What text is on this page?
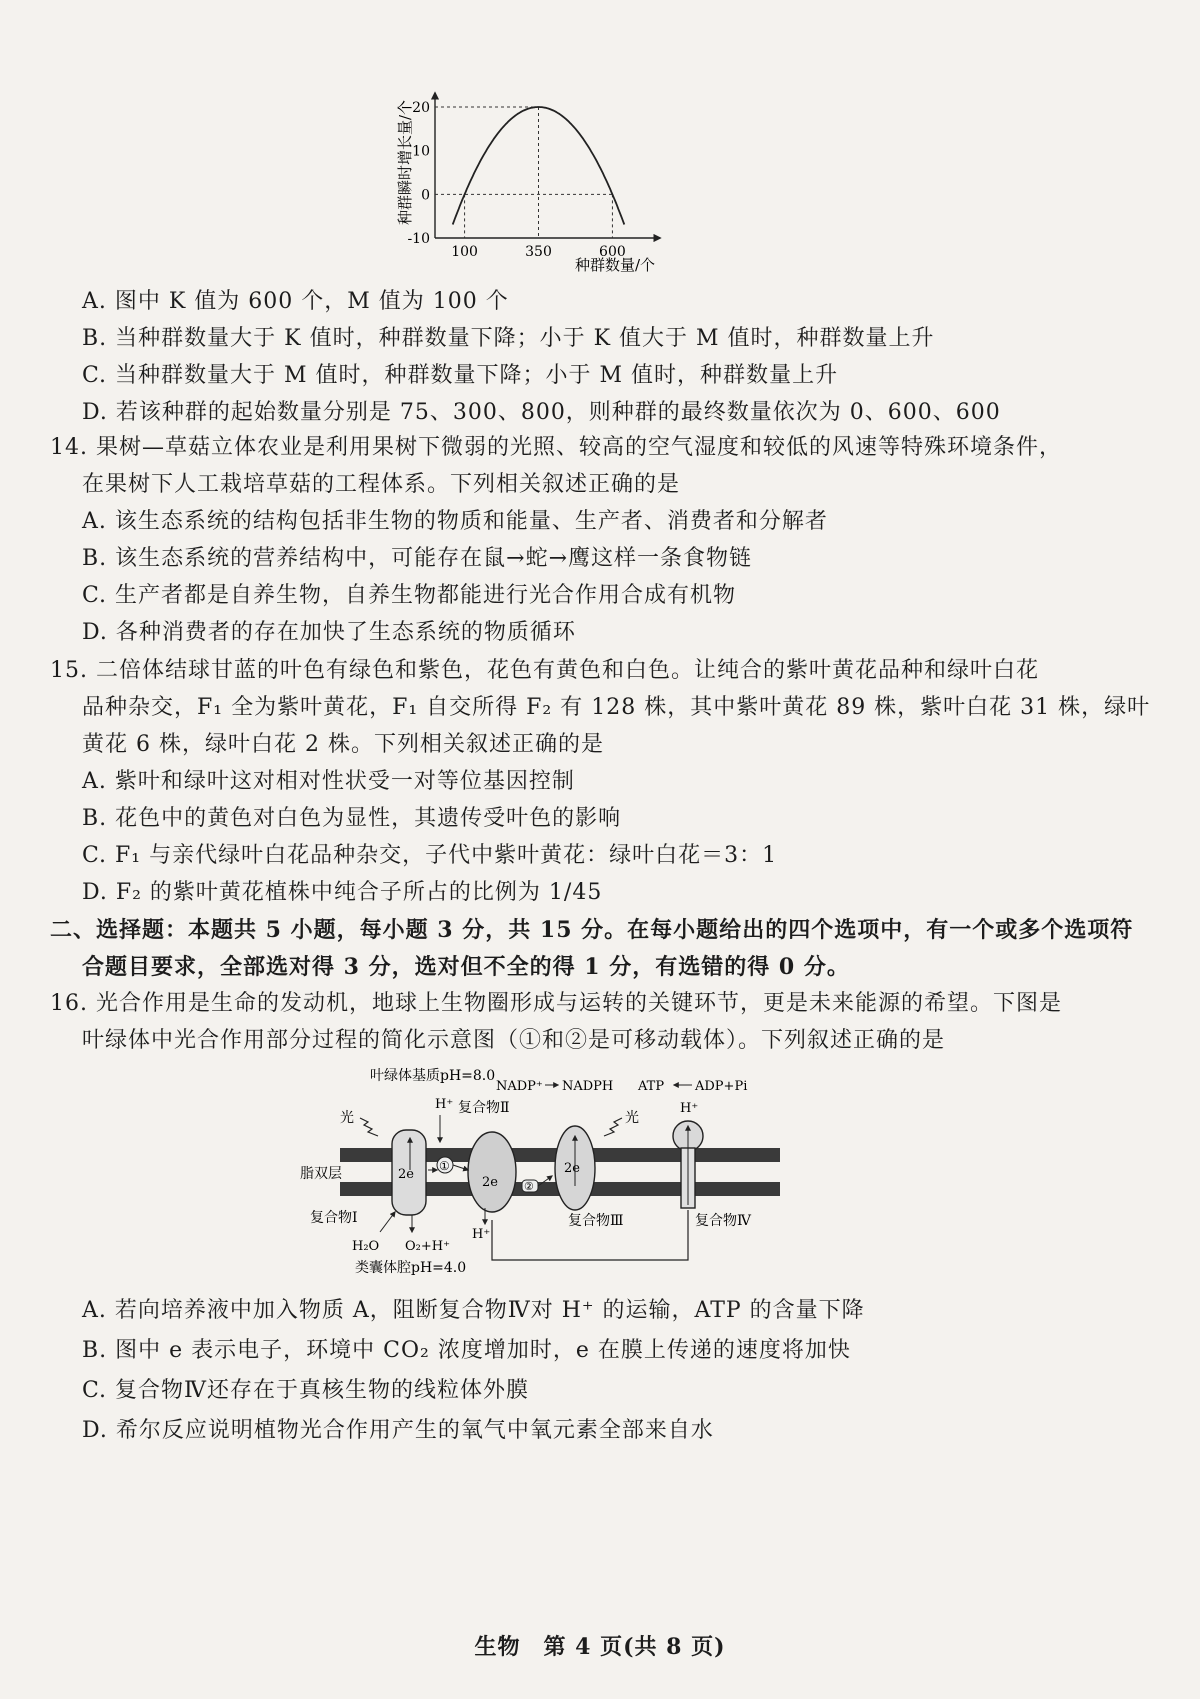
20
10
0
-10
100	350	600
种群数量/个
种群瞬时增长量/个
A. 图中 K 值为 600 个，M 值为 100 个
B. 当种群数量大于 K 值时，种群数量下降；小于 K 值大于 M 值时，种群数量上升
C. 当种群数量大于 M 值时，种群数量下降；小于 M 值时，种群数量上升
D. 若该种群的起始数量分别是 75、300、800，则种群的最终数量依次为 0、600、600
14. 果树—草菇立体农业是利用果树下微弱的光照、较高的空气湿度和较低的风速等特殊环境条件，
在果树下人工栽培草菇的工程体系。下列相关叙述正确的是
A. 该生态系统的结构包括非生物的物质和能量、生产者、消费者和分解者
B. 该生态系统的营养结构中，可能存在鼠→蛇→鹰这样一条食物链
C. 生产者都是自养生物，自养生物都能进行光合作用合成有机物
D. 各种消费者的存在加快了生态系统的物质循环
15. 二倍体结球甘蓝的叶色有绿色和紫色，花色有黄色和白色。让纯合的紫叶黄花品种和绿叶白花
品种杂交，F₁ 全为紫叶黄花，F₁ 自交所得 F₂ 有 128 株，其中紫叶黄花 89 株，紫叶白花 31 株，绿叶
黄花 6 株，绿叶白花 2 株。下列相关叙述正确的是
A. 紫叶和绿叶这对相对性状受一对等位基因控制
B. 花色中的黄色对白色为显性，其遗传受叶色的影响
C. F₁ 与亲代绿叶白花品种杂交，子代中紫叶黄花：绿叶白花＝3：1
D. F₂ 的紫叶黄花植株中纯合子所占的比例为 1/45
二、选择题：本题共 5 小题，每小题 3 分，共 15 分。在每小题给出的四个选项中，有一个或多个选项符
合题目要求，全部选对得 3 分，选对但不全的得 1 分，有选错的得 0 分。
16. 光合作用是生命的发动机，地球上生物圈形成与运转的关键环节，更是未来能源的希望。下图是
叶绿体中光合作用部分过程的简化示意图（①和②是可移动载体）。下列叙述正确的是
叶绿体基质pH=8.0
类囊体腔pH=4.0
脂双层	2e
光
复合物Ⅰ
H₂O O₂+H⁺
H⁺
①
2e
复合物Ⅱ
H⁺
②
2e
复合物Ⅲ
光
NADP⁺ NADPH ATP ADP+Pi
H⁺
复合物Ⅳ
A. 若向培养液中加入物质 A，阻断复合物Ⅳ对 H⁺ 的运输，ATP 的含量下降
B. 图中 e 表示电子，环境中 CO₂ 浓度增加时，e 在膜上传递的速度将加快
C. 复合物Ⅳ还存在于真核生物的线粒体外膜
D. 希尔反应说明植物光合作用产生的氧气中氧元素全部来自水
生物　第 4 页(共 8 页)
